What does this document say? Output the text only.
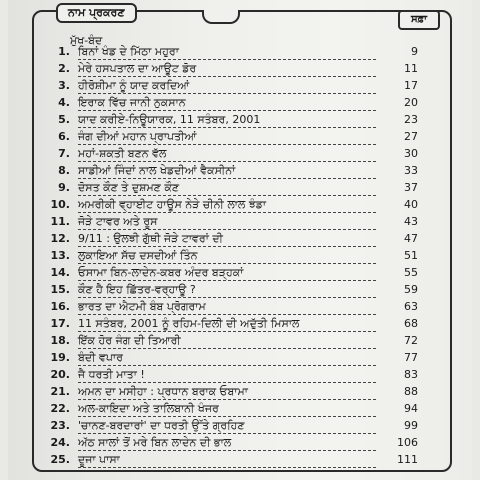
ਨਾਮ ਪ੍ਰਕਰਣ
ਸਫ਼ਾ
ਮੁੱਖ-ਬੰਦ
1. ਬਿਨਾਂ ਖੰਡ ਦੇ ਮਿੱਠਾ ਮਹੁਰਾ	9
2. ਮੇਰੇ ਹਸਪਤਾਲ ਦਾ ਆਊਟ ਡੋਰ	11
3. ਹੀਰੋਸ਼ੀਮਾ ਨੂੰ ਯਾਦ ਕਰਦਿਆਂ	17
4. ਇਰਾਕ ਵਿੱਚ ਜਾਨੀ ਨੁਕਸਾਨ	20
5. ਯਾਦ ਕਰੀਏ-ਨਿਊਯਾਰਕ, 11 ਸਤੰਬਰ, 2001	23
6. ਜੰਗ ਦੀਆਂ ਮਹਾਨ ਪ੍ਰਾਪਤੀਆਂ	27
7. ਮਹਾਂ-ਸ਼ਕਤੀ ਬਣਨ ਵੱਲ	30
8. ਸਾਡੀਆਂ ਜਿੰਦਾਂ ਨਾਲ ਖੇਡਦੀਆਂ ਵੈਕਸੀਨਾਂ	33
9. ਦੋਸਤ ਕੌਣ ਤੇ ਦੁਸ਼ਮਣ ਕੌਣ	37
10. ਅਮਰੀਕੀ ਵ੍ਹਾਈਟ ਹਾਊਸ ਨੇੜੇ ਚੀਨੀ ਲਾਲ ਝੰਡਾ	40
11. ਜੋੜੇ ਟਾਵਰ ਅਤੇ ਰੂਸ	43
12. 9/11 : ਉਲਝੀ ਗੁੱਥੀ ਜੋੜੇ ਟਾਵਰਾਂ ਦੀ	47
13. ਲੁਕਾਇਆ ਸੱਚ ਦਸਦੀਆਂ ਤਿੰਨ	51
14. ਓਸਾਮਾ ਬਿਨ-ਲਾਦੇਨ-ਕਬਰ ਅੰਦਰ ਬੜ੍ਹਕਾਂ	55
15. ਕੌਣ ਹੈ ਇਹ ਛਿੱਤਰ-ਵਰ੍ਹਾਊ ?	59
16. ਭਾਰਤ ਦਾ ਐਟਮੀ ਬੰਬ ਪ੍ਰੋਗਰਾਮ	63
17. 11 ਸਤੰਬਰ, 2001 ਨੂੰ ਰਹਿਮ-ਦਿਲੀ ਦੀ ਅਦੁੱਤੀ ਮਿਸਾਲ	68
18. ਇੱਕ ਹੋਰ ਜੰਗ ਦੀ ਤਿਆਰੀ	72
19. ਬੰਦੀ ਵਪਾਰ	77
20. ਜੈ ਧਰਤੀ ਮਾਤਾ !	83
21. ਅਮਨ ਦਾ ਮਸੀਹਾ : ਪ੍ਰਧਾਨ ਬਰਾਕ ਓਬਾਮਾ	88
22. ਅਲ-ਕਾਇਦਾ ਅਤੇ ਤਾਲਿਬਾਨੀ ਖੰਜਰ	94
23. 'ਚਾਨਣ-ਬਰਦਾਰਾਂ' ਦਾ ਧਰਤੀ ਉੱਤੇ ਗ੍ਰਹਿਣ	99
24. ਅੱਠ ਸਾਲਾਂ ਤੋਂ ਮਰੇ ਬਿਨ ਲਾਦੇਨ ਦੀ ਭਾਲ	106
25. ਦੂਜਾ ਪਾਸਾ	111
